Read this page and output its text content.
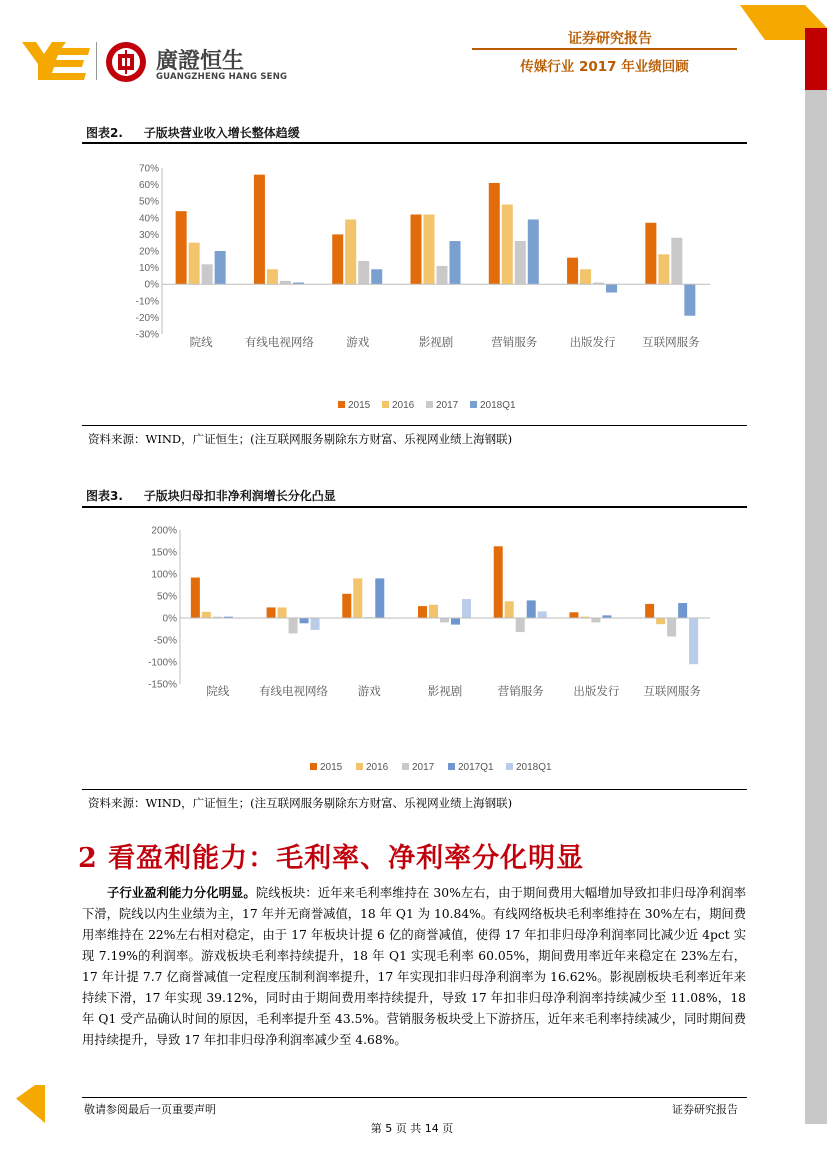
廣證恒生
GUANGZHENG HANG SENG
证券研究报告
传媒行业 2017 年业绩回顾
图表2.     子版块营业收入增长整体趋缓
70%
60%
50%
40%
30%
20%
10%
0%
-10%
-20%
-30%	院线	有线电视网络	游戏	影视剧	营销服务	出版发行 互联网服务
2015 2016 2017 2018Q1
资料来源：WIND，广证恒生；(注互联网服务剔除东方财富、乐视网业绩上海钢联)
图表3.     子版块归母扣非净利润增长分化凸显
200%
150%
100%
50%
0%
-50%
-100%
-150%	院线	有线电视网络	游戏	影视剧	营销服务	出版发行 互联网服务
2015 2016 2017 2017Q1 2018Q1
资料来源：WIND，广证恒生；(注互联网服务剔除东方财富、乐视网业绩上海钢联)
2 看盈利能力：毛利率、净利率分化明显
子行业盈利能力分化明显。院线板块：近年来毛利率维持在 30%左右，由于期间费用大幅增加导致扣非归母净利润率下滑，院线以内生业绩为主，17 年并无商誉减值，18 年 Q1 为 10.84%。有线网络板块毛利率维持在 30%左右，期间费用率维持在 22%左右相对稳定，由于 17 年板块计提 6 亿的商誉减值，使得 17 年扣非归母净利润率同比减少近 4pct 实现 7.19%的利润率。游戏板块毛利率持续提升，18 年 Q1 实现毛利率 60.05%，期间费用率近年来稳定在 23%左右，17 年计提 7.7 亿商誉减值一定程度压制利润率提升，17 年实现扣非归母净利润率为 16.62%。影视剧板块毛利率近年来持续下滑，17 年实现 39.12%，同时由于期间费用率持续提升，导致 17 年扣非归母净利润率持续减少至 11.08%，18 年 Q1 受产品确认时间的原因，毛利率提升至 43.5%。营销服务板块受上下游挤压，近年来毛利率持续减少，同时期间费用持续提升，导致 17 年扣非归母净利润率减少至 4.68%。
敬请参阅最后一页重要声明	证券研究报告
第 5 页 共 14 页
